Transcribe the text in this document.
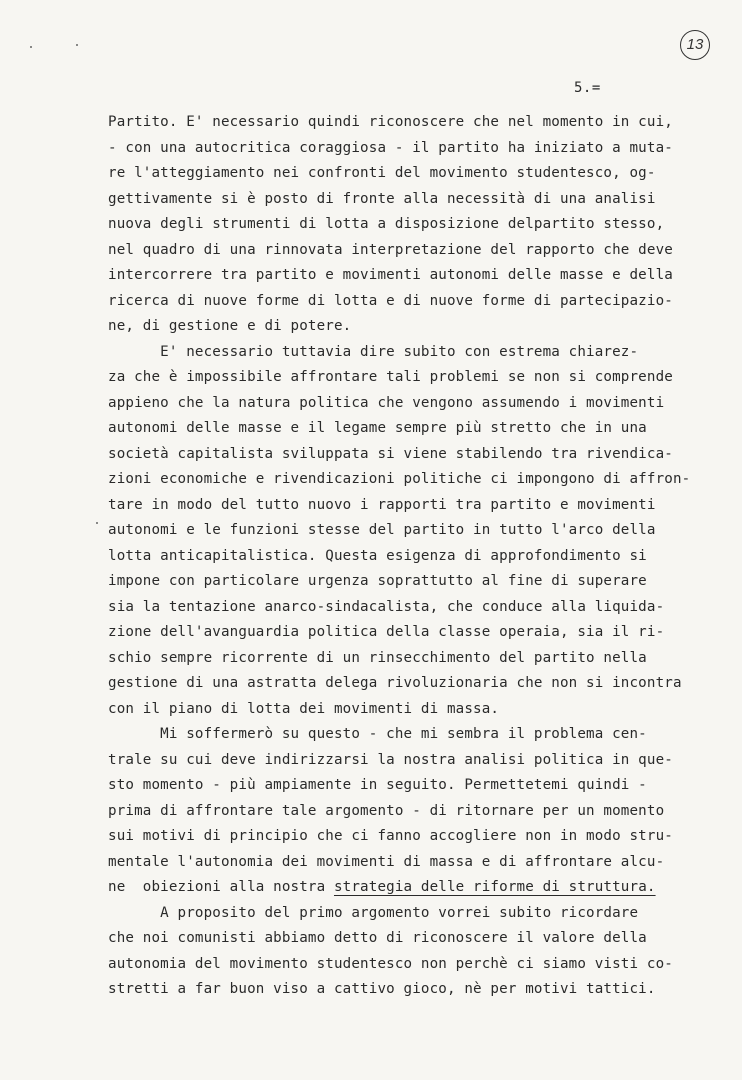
13
5.=
Partito. E' necessario quindi riconoscere che nel momento in cui,
- con una autocritica coraggiosa - il partito ha iniziato a muta-
re l'atteggiamento nei confronti del movimento studentesco, og-
gettivamente si è posto di fronte alla necessità di una analisi
nuova degli strumenti di lotta a disposizione delpartito stesso,
nel quadro di una rinnovata interpretazione del rapporto che deve
intercorrere tra partito e movimenti autonomi delle masse e della
ricerca di nuove forme di lotta e di nuove forme di partecipazio-
ne, di gestione e di potere.
E' necessario tuttavia dire subito con estrema chiarez-
za che è impossibile affrontare tali problemi se non si comprende
appieno che la natura politica che vengono assumendo i movimenti
autonomi delle masse e il legame sempre più stretto che in una
società capitalista sviluppata si viene stabilendo tra rivendica-
zioni economiche e rivendicazioni politiche ci impongono di affron-
tare in modo del tutto nuovo i rapporti tra partito e movimenti
autonomi e le funzioni stesse del partito in tutto l'arco della
lotta anticapitalistica. Questa esigenza di approfondimento si
impone con particolare urgenza soprattutto al fine di superare
sia la tentazione anarco-sindacalista, che conduce alla liquida-
zione dell'avanguardia politica della classe operaia, sia il ri-
schio sempre ricorrente di un rinsecchimento del partito nella
gestione di una astratta delega rivoluzionaria che non si incontra
con il piano di lotta dei movimenti di massa.
Mi soffermerò su questo - che mi sembra il problema cen-
trale su cui deve indirizzarsi la nostra analisi politica in que-
sto momento - più ampiamente in seguito. Permettetemi quindi -
prima di affrontare tale argomento - di ritornare per un momento
sui motivi di principio che ci fanno accogliere non in modo stru-
mentale l'autonomia dei movimenti di massa e di affrontare alcu-
ne  obiezioni alla nostra strategia delle riforme di struttura.
A proposito del primo argomento vorrei subito ricordare
che noi comunisti abbiamo detto di riconoscere il valore della
autonomia del movimento studentesco non perchè ci siamo visti co-
stretti a far buon viso a cattivo gioco, nè per motivi tattici.
